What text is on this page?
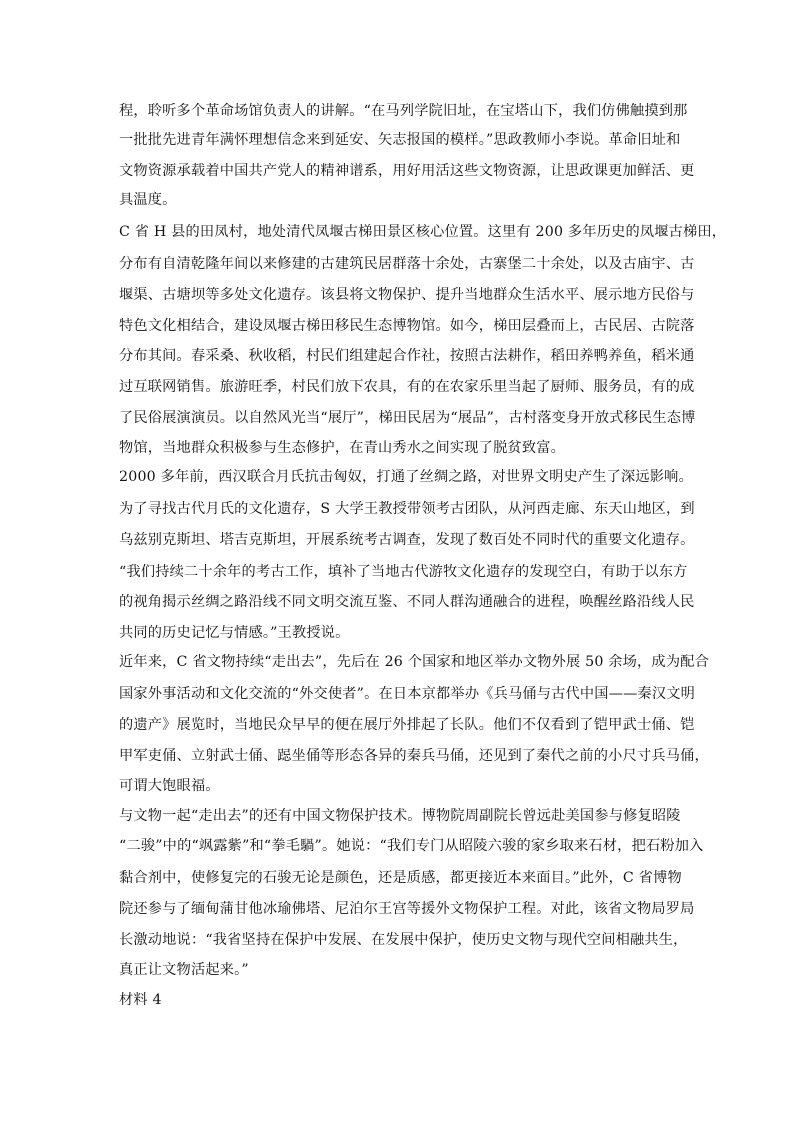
程，聆听多个革命场馆负责人的讲解。“在马列学院旧址，在宝塔山下，我们仿佛触摸到那
一批批先进青年满怀理想信念来到延安、矢志报国的模样。”思政教师小李说。革命旧址和
文物资源承载着中国共产党人的精神谱系，用好用活这些文物资源，让思政课更加鲜活、更
具温度。
C 省 H 县的田凤村，地处清代凤堰古梯田景区核心位置。这里有 200 多年历史的凤堰古梯田，
分布有自清乾隆年间以来修建的古建筑民居群落十余处，古寨堡二十余处，以及古庙宇、古
堰渠、古塘坝等多处文化遗存。该县将文物保护、提升当地群众生活水平、展示地方民俗与
特色文化相结合，建设凤堰古梯田移民生态博物馆。如今，梯田层叠而上，古民居、古院落
分布其间。春采桑、秋收稻，村民们组建起合作社，按照古法耕作，稻田养鸭养鱼，稻米通
过互联网销售。旅游旺季，村民们放下农具，有的在农家乐里当起了厨师、服务员，有的成
了民俗展演演员。以自然风光当“展厅”，梯田民居为“展品”，古村落变身开放式移民生态博
物馆，当地群众积极参与生态修护，在青山秀水之间实现了脱贫致富。
2000 多年前，西汉联合月氏抗击匈奴，打通了丝绸之路，对世界文明史产生了深远影响。
为了寻找古代月氏的文化遗存，S 大学王教授带领考古团队，从河西走廊、东天山地区，到
乌兹别克斯坦、塔吉克斯坦，开展系统考古调查，发现了数百处不同时代的重要文化遗存。
“我们持续二十余年的考古工作，填补了当地古代游牧文化遗存的发现空白，有助于以东方
的视角揭示丝绸之路沿线不同文明交流互鉴、不同人群沟通融合的进程，唤醒丝路沿线人民
共同的历史记忆与情感。”王教授说。
近年来，C 省文物持续“走出去”，先后在 26 个国家和地区举办文物外展 50 余场，成为配合
国家外事活动和文化交流的“外交使者”。在日本京都举办《兵马俑与古代中国——秦汉文明
的遗产》展览时，当地民众早早的便在展厅外排起了长队。他们不仅看到了铠甲武士俑、铠
甲军吏俑、立射武士俑、跽坐俑等形态各异的秦兵马俑，还见到了秦代之前的小尺寸兵马俑，
可谓大饱眼福。
与文物一起“走出去”的还有中国文物保护技术。博物院周副院长曾远赴美国参与修复昭陵
“二骏”中的“飒露紫”和“拳毛騧”。她说：“我们专门从昭陵六骏的家乡取来石材，把石粉加入
黏合剂中，使修复完的石骏无论是颜色，还是质感，都更接近本来面目。”此外，C 省博物
院还参与了缅甸蒲甘他冰瑜佛塔、尼泊尔王宫等援外文物保护工程。对此，该省文物局罗局
长激动地说：“我省坚持在保护中发展、在发展中保护，使历史文物与现代空间相融共生，
真正让文物活起来。”
材料 4
